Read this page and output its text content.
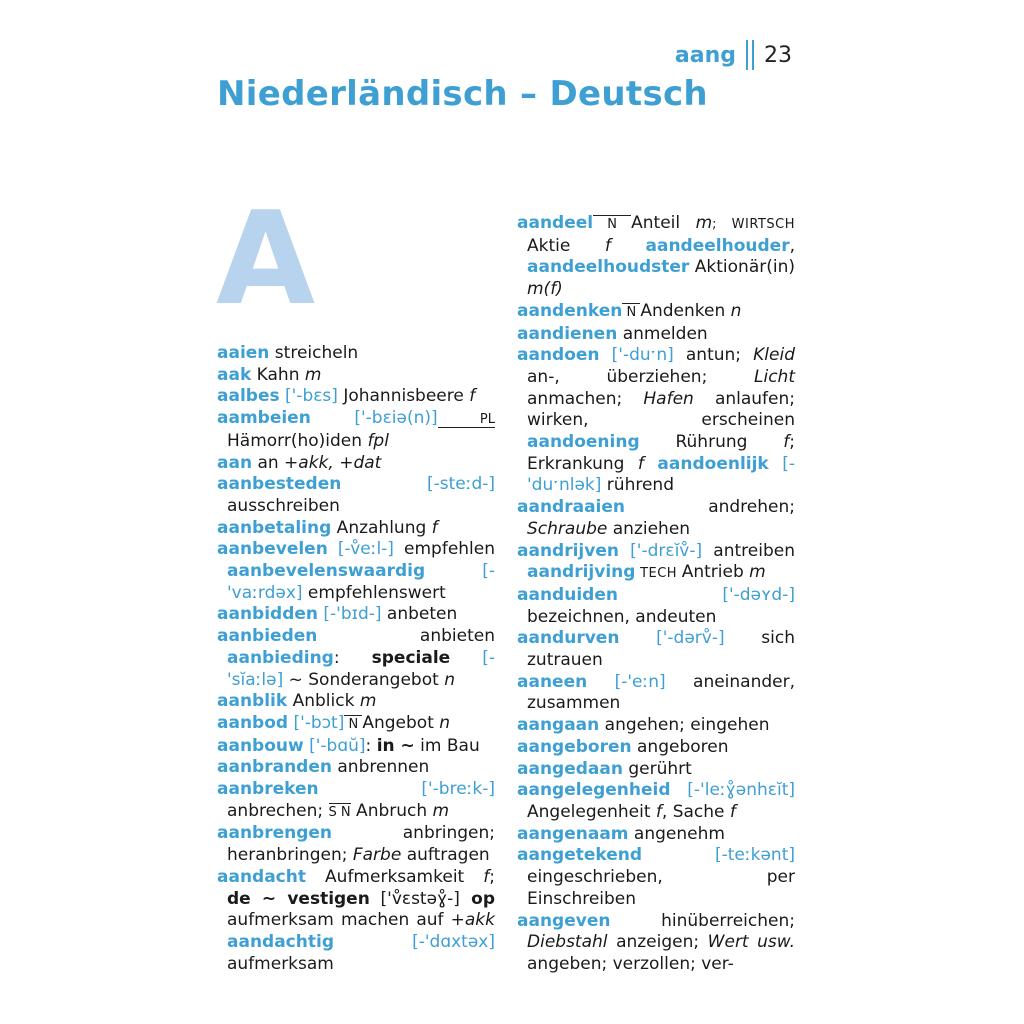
aang 23
Niederländisch – Deutsch
A
aaien streicheln
aak Kahn m
aalbes ['-bɛs] Johannisbeere f
aambeien ['-bɛiə(n)] PL Hämorr(ho)iden fpl
aan an +akk, +dat
aanbesteden [-steːd-] ausschreiben
aanbetaling Anzahlung f
aanbevelen [-v̊eːl-] empfehlen aanbevelenswaardig [-'vaːrdəx] empfehlenswert
aanbidden [-'bɪd-] anbeten
aanbieden anbieten aanbieding: speciale [-'sĭaːlə] ~ Sonderangebot n
aanblik Anblick m
aanbod ['-bɔt] N Angebot n
aanbouw ['-bɑŭ]: in ~ im Bau
aanbranden anbrennen
aanbreken ['-breːk-] anbrechen; S N Anbruch m
aanbrengen anbringen; heranbringen; Farbe auftragen
aandacht Aufmerksamkeit f; de ~ vestigen ['v̊ɛstəɣ̊-] op aufmerksam machen auf +akk aandachtig [-'dɑxtəx] aufmerksam
aandeel N Anteil m; WIRTSCH Aktie f aandeelhouder, aandeelhoudster Aktionär(in) m(f)
aandenken N Andenken n
aandienen anmelden
aandoen ['-duˑn] antun; Kleid an-, überziehen; Licht anmachen; Hafen anlaufen; wirken, erscheinen aandoening Rührung f; Erkrankung f aandoenlijk [-'duˑnlək] rührend
aandraaien andrehen; Schraube anziehen
aandrijven ['-drɛĭv̊-] antreiben aandrijving TECH Antrieb m
aanduiden ['-dəʏd-] bezeichnen, andeuten
aandurven ['-dərv̊-] sich zutrauen
aaneen [-'eːn] aneinander, zusammen
aangaan angehen; eingehen
aangeboren angeboren
aangedaan gerührt
aangelegenheid [-'leːɣ̊ənhɛĭt] Angelegenheit f, Sache f
aangenaam angenehm
aangetekend [-teːkənt] eingeschrieben, per Einschreiben
aangeven hinüberreichen; Diebstahl anzeigen; Wert usw. angeben; verzollen; ver-
